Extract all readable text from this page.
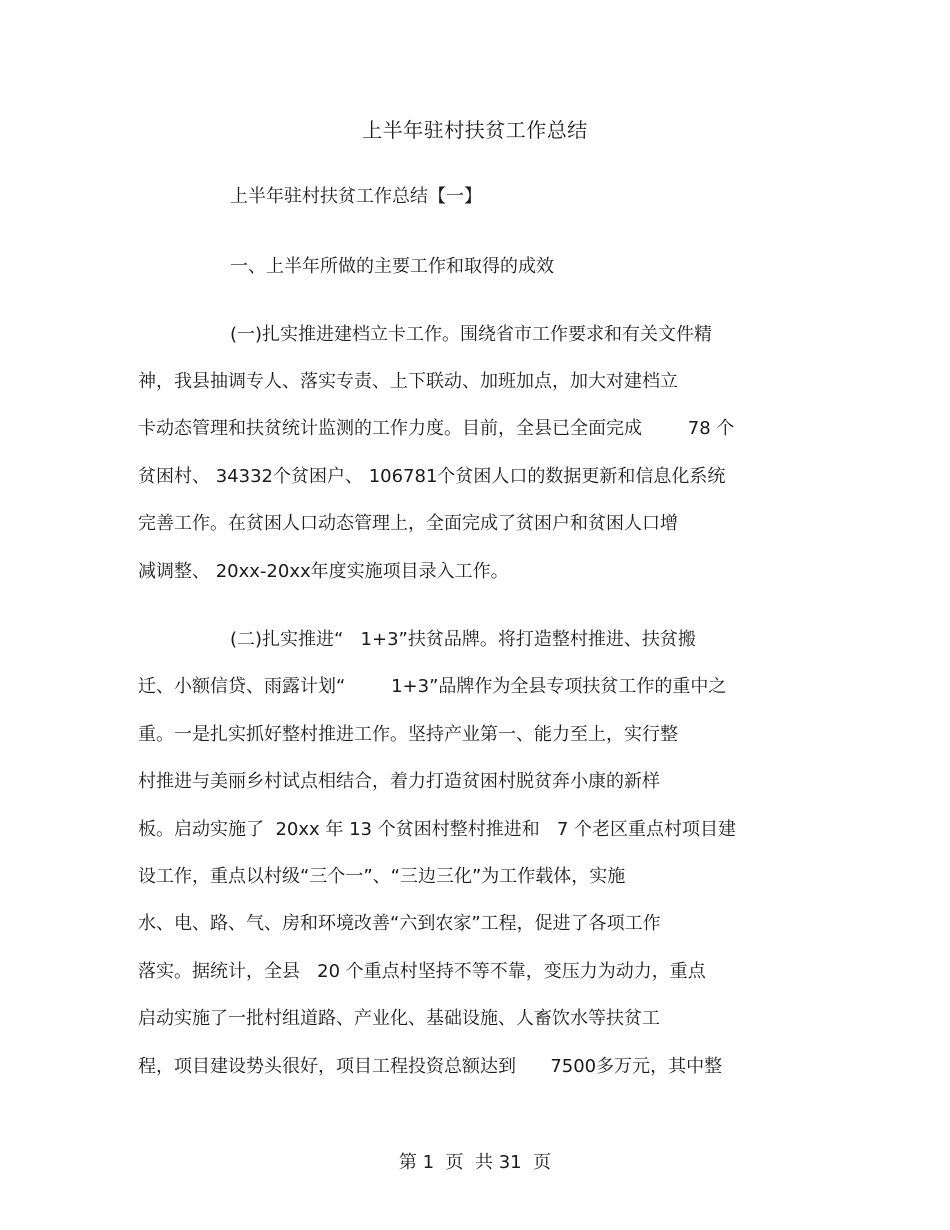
上半年驻村扶贫工作总结
上半年驻村扶贫工作总结【一】
一、上半年所做的主要工作和取得的成效
(一)扎实推进建档立卡工作。围绕省市工作要求和有关文件精
神，我县抽调专人、落实专责、上下联动、加班加点，加大对建档立
卡动态管理和扶贫统计监测的工作力度。目前，全县已全面完成        78 个
贫困村、 34332个贫困户、 106781个贫困人口的数据更新和信息化系统
完善工作。在贫困人口动态管理上，全面完成了贫困户和贫困人口增
减调整、 20xx-20xx年度实施项目录入工作。
(二)扎实推进“   1+3”扶贫品牌。将打造整村推进、扶贫搬
迁、小额信贷、雨露计划“        1+3”品牌作为全县专项扶贫工作的重中之
重。一是扎实抓好整村推进工作。坚持产业第一、能力至上，实行整
村推进与美丽乡村试点相结合，着力打造贫困村脱贫奔小康的新样
板。启动实施了  20xx 年 13 个贫困村整村推进和   7 个老区重点村项目建
设工作，重点以村级“三个一”、“三边三化”为工作载体，实施
水、电、路、气、房和环境改善“六到农家”工程，促进了各项工作
落实。据统计，全县   20 个重点村坚持不等不靠，变压力为动力，重点
启动实施了一批村组道路、产业化、基础设施、人畜饮水等扶贫工
程，项目建设势头很好，项目工程投资总额达到      7500多万元，其中整
第 1  页  共 31  页
